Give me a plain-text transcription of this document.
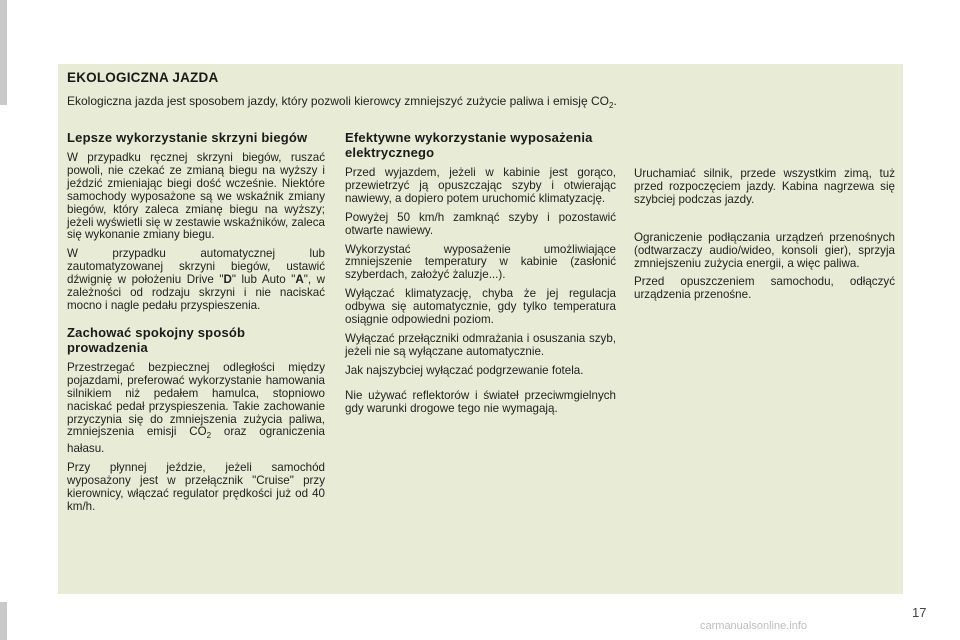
EKOLOGICZNA JAZDA

Ekologiczna jazda jest sposobem jazdy, który pozwoli kierowcy zmniejszyć zużycie paliwa i emisję $CO_2$.

Lepsze wykorzystanie skrzyni biegów

W przypadku ręcznej skrzyni biegów, ruszać powoli, nie czekać ze zmianą biegu na wyższy i jeździć zmieniając biegi dość wcześnie. Niektóre samochody wyposażone są we wskaźnik zmiany biegów, który zaleca zmianę biegu na wyższy; jeżeli wyświetli się w zestawie wskaźników, zaleca się wykonanie zmiany biegu.

W przypadku automatycznej lub zautomatyzowanej skrzyni biegów, ustawić dźwignię w położeniu Drive "D" lub Auto "A", w zależności od rodzaju skrzyni i nie naciskać mocno i nagle pedału przyspieszenia.

Zachować spokojny sposób prowadzenia

Przestrzegać bezpiecznej odległości między pojazdami, preferować wykorzystanie hamowania silnikiem niż pedałem hamulca, stopniowo naciskać pedał przyspieszenia. Takie zachowanie przyczynia się do zmniejszenia zużycia paliwa, zmniejszenia emisji $CO_2$ oraz ograniczenia hałasu.

Przy płynnej jeździe, jeżeli samochód wyposażony jest w przełącznik "Cruise" przy kierownicy, włączać regulator prędkości już od 40 km/h.

Efektywne wykorzystanie wyposażenia elektrycznego

Przed wyjazdem, jeżeli w kabinie jest gorąco, przewietrzyć ją opuszczając szyby i otwierając nawiewy, a dopiero potem uruchomić klimatyzację.

Powyżej 50 km/h zamknąć szyby i pozostawić otwarte nawiewy.

Wykorzystać wyposażenie umożliwiające zmniejszenie temperatury w kabinie (zasłonić szyberdach, założyć żaluzje...).

Wyłączać klimatyzację, chyba że jej regulacja odbywa się automatycznie, gdy tylko temperatura osiągnie odpowiedni poziom.

Wyłączać przełączniki odmrażania i osuszania szyb, jeżeli nie są wyłączane automatycznie.

Jak najszybciej wyłączać podgrzewanie fotela.

Nie używać reflektorów i świateł przeciwmgielnych gdy warunki drogowe tego nie wymagają.

Uruchamiać silnik, przede wszystkim zimą, tuż przed rozpoczęciem jazdy. Kabina nagrzewa się szybciej podczas jazdy.

Ograniczenie podłączania urządzeń przenośnych (odtwarzaczy audio/wideo, konsoli gier), sprzyja zmniejszeniu zużycia energii, a więc paliwa.

Przed opuszczeniem samochodu, odłączyć urządzenia przenośne.

17
carmanualsonline.info
